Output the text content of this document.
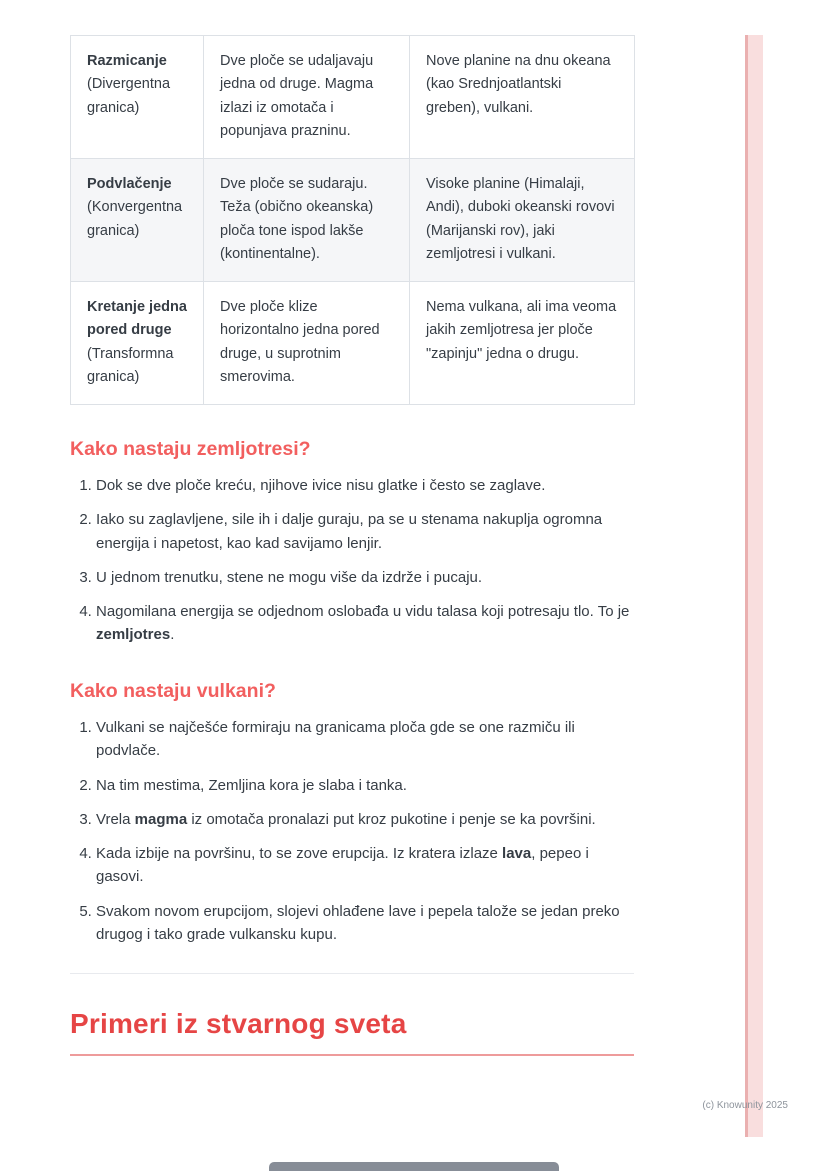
Razmicanje
(Divergentna granica)	Dve ploče se udaljavaju jedna od druge. Magma izlazi iz omotača i popunjava prazninu.	Nove planine na dnu okeana (kao Srednjoatlantski greben), vulkani.

Podvlačenje
(Konvergentna granica)	Dve ploče se sudaraju. Teža (obično okeanska) ploča tone ispod lakše (kontinentalne).	Visoke planine (Himalaji, Andi), duboki okeanski rovovi (Marijanski rov), jaki zemljotresi i vulkani.

Kretanje jedna pored druge
(Transformna granica)	Dve ploče klize horizontalno jedna pored druge, u suprotnim smerovima.	Nema vulkana, ali ima veoma jakih zemljotresa jer ploče "zapinju" jedna o drugu.
Kako nastaju zemljotresi?
1. Dok se dve ploče kreću, njihove ivice nisu glatke i često se zaglave.
2. Iako su zaglavljene, sile ih i dalje guraju, pa se u stenama nakuplja ogromna energija i napetost, kao kad savijamo lenjir.
3. U jednom trenutku, stene ne mogu više da izdrže i pucaju.
4. Nagomilana energija se odjednom oslobađa u vidu talasa koji potresaju tlo. To je zemljotres.
Kako nastaju vulkani?
1. Vulkani se najčešće formiraju na granicama ploča gde se one razmiču ili podvlače.
2. Na tim mestima, Zemljina kora je slaba i tanka.
3. Vrela magma iz omotača pronalazi put kroz pukotine i penje se ka površini.
4. Kada izbije na površinu, to se zove erupcija. Iz kratera izlaze lava, pepeo i gasovi.
5. Svakom novom erupcijom, slojevi ohlađene lave i pepela talože se jedan preko drugog i tako grade vulkansku kupu.
Primeri iz stvarnog sveta
(c) Knowunity 2025
